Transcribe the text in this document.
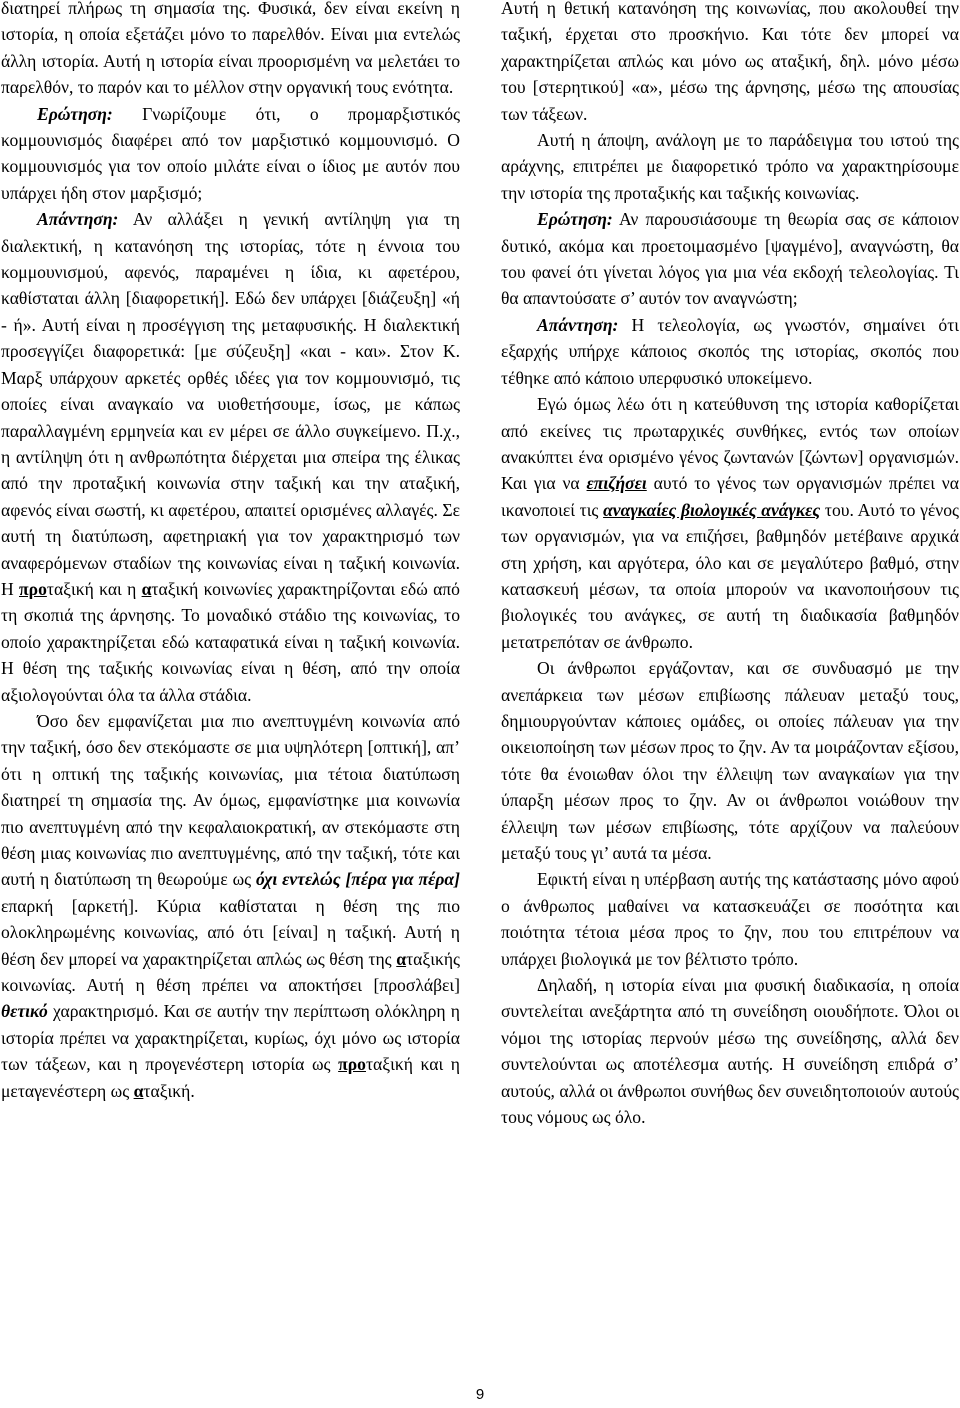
διατηρεί πλήρως τη σημασία της. Φυσικά, δεν είναι εκείνη η ιστορία, η οποία εξετάζει μόνο το παρελθόν. Είναι μια εντελώς άλλη ιστορία. Αυτή η ιστορία είναι προορισμένη να μελετάει το παρελθόν, το παρόν και το μέλλον στην οργανική τους ενότητα.

Ερώτηση: Γνωρίζουμε ότι, ο προμαρξιστικός κομμουνισμός διαφέρει από τον μαρξιστικό κομμουνισμό. Ο κομμουνισμός για τον οποίο μιλάτε είναι ο ίδιος με αυτόν που υπάρχει ήδη στον μαρξισμό;

Απάντηση: Αν αλλάξει η γενική αντίληψη για τη διαλεκτική, η κατανόηση της ιστορίας, τότε η έννοια του κομμουνισμού, αφενός, παραμένει η ίδια, κι αφετέρου, καθίσταται άλλη [διαφορετική]. Εδώ δεν υπάρχει [διάζευξη] «ή - ή». Αυτή είναι η προσέγγιση της μεταφυσικής. Η διαλεκτική προσεγγίζει διαφορετικά: [με σύζευξη] «και - και». Στον Κ. Μαρξ υπάρχουν αρκετές ορθές ιδέες για τον κομμουνισμό, τις οποίες είναι αναγκαίο να υιοθετήσουμε, ίσως, με κάπως παραλλαγμένη ερμηνεία και εν μέρει σε άλλο συγκείμενο. Π.χ., η αντίληψη ότι η ανθρωπότητα διέρχεται μια σπείρα της έλικας από την προταξική κοινωνία στην ταξική και την αταξική, αφενός είναι σωστή, κι αφετέρου, απαιτεί ορισμένες αλλαγές. Σε αυτή τη διατύπωση, αφετηριακή για τον χαρακτηρισμό των αναφερόμενων σταδίων της κοινωνίας είναι η ταξική κοινωνία. Η προταξική και η αταξική κοινωνίες χαρακτηρίζονται εδώ από τη σκοπιά της άρνησης. Το μοναδικό στάδιο της κοινωνίας, το οποίο χαρακτηρίζεται εδώ καταφατικά είναι η ταξική κοινωνία. Η θέση της ταξικής κοινωνίας είναι η θέση, από την οποία αξιολογούνται όλα τα άλλα στάδια.

Όσο δεν εμφανίζεται μια πιο ανεπτυγμένη κοινωνία από την ταξική, όσο δεν στεκόμαστε σε μια υψηλότερη [οπτική], απ’ ότι η οπτική της ταξικής κοινωνίας, μια τέτοια διατύπωση διατηρεί τη σημασία της. Αν όμως, εμφανίστηκε μια κοινωνία πιο ανεπτυγμένη από την κεφαλαιοκρατική, αν στεκόμαστε στη θέση μιας κοινωνίας πιο ανεπτυγμένης, από την ταξική, τότε και αυτή η διατύπωση τη θεωρούμε ως όχι εντελώς [πέρα για πέρα] επαρκή [αρκετή]. Κύρια καθίσταται η θέση της πιο ολοκληρωμένης κοινωνίας, από ότι [είναι] η ταξική. Αυτή η θέση δεν μπορεί να χαρακτηρίζεται απλώς ως θέση της αταξικής κοινωνίας. Αυτή η θέση πρέπει να αποκτήσει [προσλάβει] θετικό χαρακτηρισμό. Και σε αυτήν την περίπτωση ολόκληρη η ιστορία πρέπει να χαρακτηρίζεται, κυρίως, όχι μόνο ως ιστορία των τάξεων, και η προγενέστερη ιστορία ως προταξική και η μεταγενέστερη ως αταξική.

Αυτή η θετική κατανόηση της κοινωνίας, που ακολουθεί την ταξική, έρχεται στο προσκήνιο. Και τότε δεν μπορεί να χαρακτηρίζεται απλώς και μόνο ως αταξική, δηλ. μόνο μέσω του [στερητικού] «α», μέσω της άρνησης, μέσω της απουσίας των τάξεων.

Αυτή η άποψη, ανάλογη με το παράδειγμα του ιστού της αράχνης, επιτρέπει με διαφορετικό τρόπο να χαρακτηρίσουμε την ιστορία της προταξικής και ταξικής κοινωνίας.

Ερώτηση: Αν παρουσιάσουμε τη θεωρία σας σε κάποιον δυτικό, ακόμα και προετοιμασμένο [ψαγμένο], αναγνώστη, θα του φανεί ότι γίνεται λόγος για μια νέα εκδοχή τελεολογίας. Τι θα απαντούσατε σ’ αυτόν τον αναγνώστη;

Απάντηση: Η τελεολογία, ως γνωστόν, σημαίνει ότι εξαρχής υπήρχε κάποιος σκοπός της ιστορίας, σκοπός που τέθηκε από κάποιο υπερφυσικό υποκείμενο.

Εγώ όμως λέω ότι η κατεύθυνση της ιστορία καθορίζεται από εκείνες τις πρωταρχικές συνθήκες, εντός των οποίων ανακύπτει ένα ορισμένο γένος ζωντανών [ζώντων] οργανισμών. Και για να επιζήσει αυτό το γένος των οργανισμών πρέπει να ικανοποιεί τις αναγκαίες βιολογικές ανάγκες του. Αυτό το γένος των οργανισμών, για να επιζήσει, βαθμηδόν μετέβαινε αρχικά στη χρήση, και αργότερα, όλο και σε μεγαλύτερο βαθμό, στην κατασκευή μέσων, τα οποία μπορούν να ικανοποιήσουν τις βιολογικές του ανάγκες, σε αυτή τη διαδικασία βαθμηδόν μετατρεπόταν σε άνθρωπο.

Οι άνθρωποι εργάζονταν, και σε συνδυασμό με την ανεπάρκεια των μέσων επιβίωσης πάλευαν μεταξύ τους, δημιουργούνταν κάποιες ομάδες, οι οποίες πάλευαν για την οικειοποίηση των μέσων προς το ζην. Αν τα μοιράζονταν εξίσου, τότε θα ένοιωθαν όλοι την έλλειψη των αναγκαίων για την ύπαρξη μέσων προς το ζην. Αν οι άνθρωποι νοιώθουν την έλλειψη των μέσων επιβίωσης, τότε αρχίζουν να παλεύουν μεταξύ τους γι’ αυτά τα μέσα.

Εφικτή είναι η υπέρβαση αυτής της κατάστασης μόνο αφού ο άνθρωπος μαθαίνει να κατασκευάζει σε ποσότητα και ποιότητα τέτοια μέσα προς το ζην, που του επιτρέπουν να υπάρχει βιολογικά με τον βέλτιστο τρόπο.

Δηλαδή, η ιστορία είναι μια φυσική διαδικασία, η οποία συντελείται ανεξάρτητα από τη συνείδηση οιουδήποτε. Όλοι οι νόμοι της ιστορίας περνούν μέσω της συνείδησης, αλλά δεν συντελούνται ως αποτέλεσμα αυτής. Η συνείδηση επιδρά σ’ αυτούς, αλλά οι άνθρωποι συνήθως δεν συνειδητοποιούν αυτούς τους νόμους ως όλο.

9
